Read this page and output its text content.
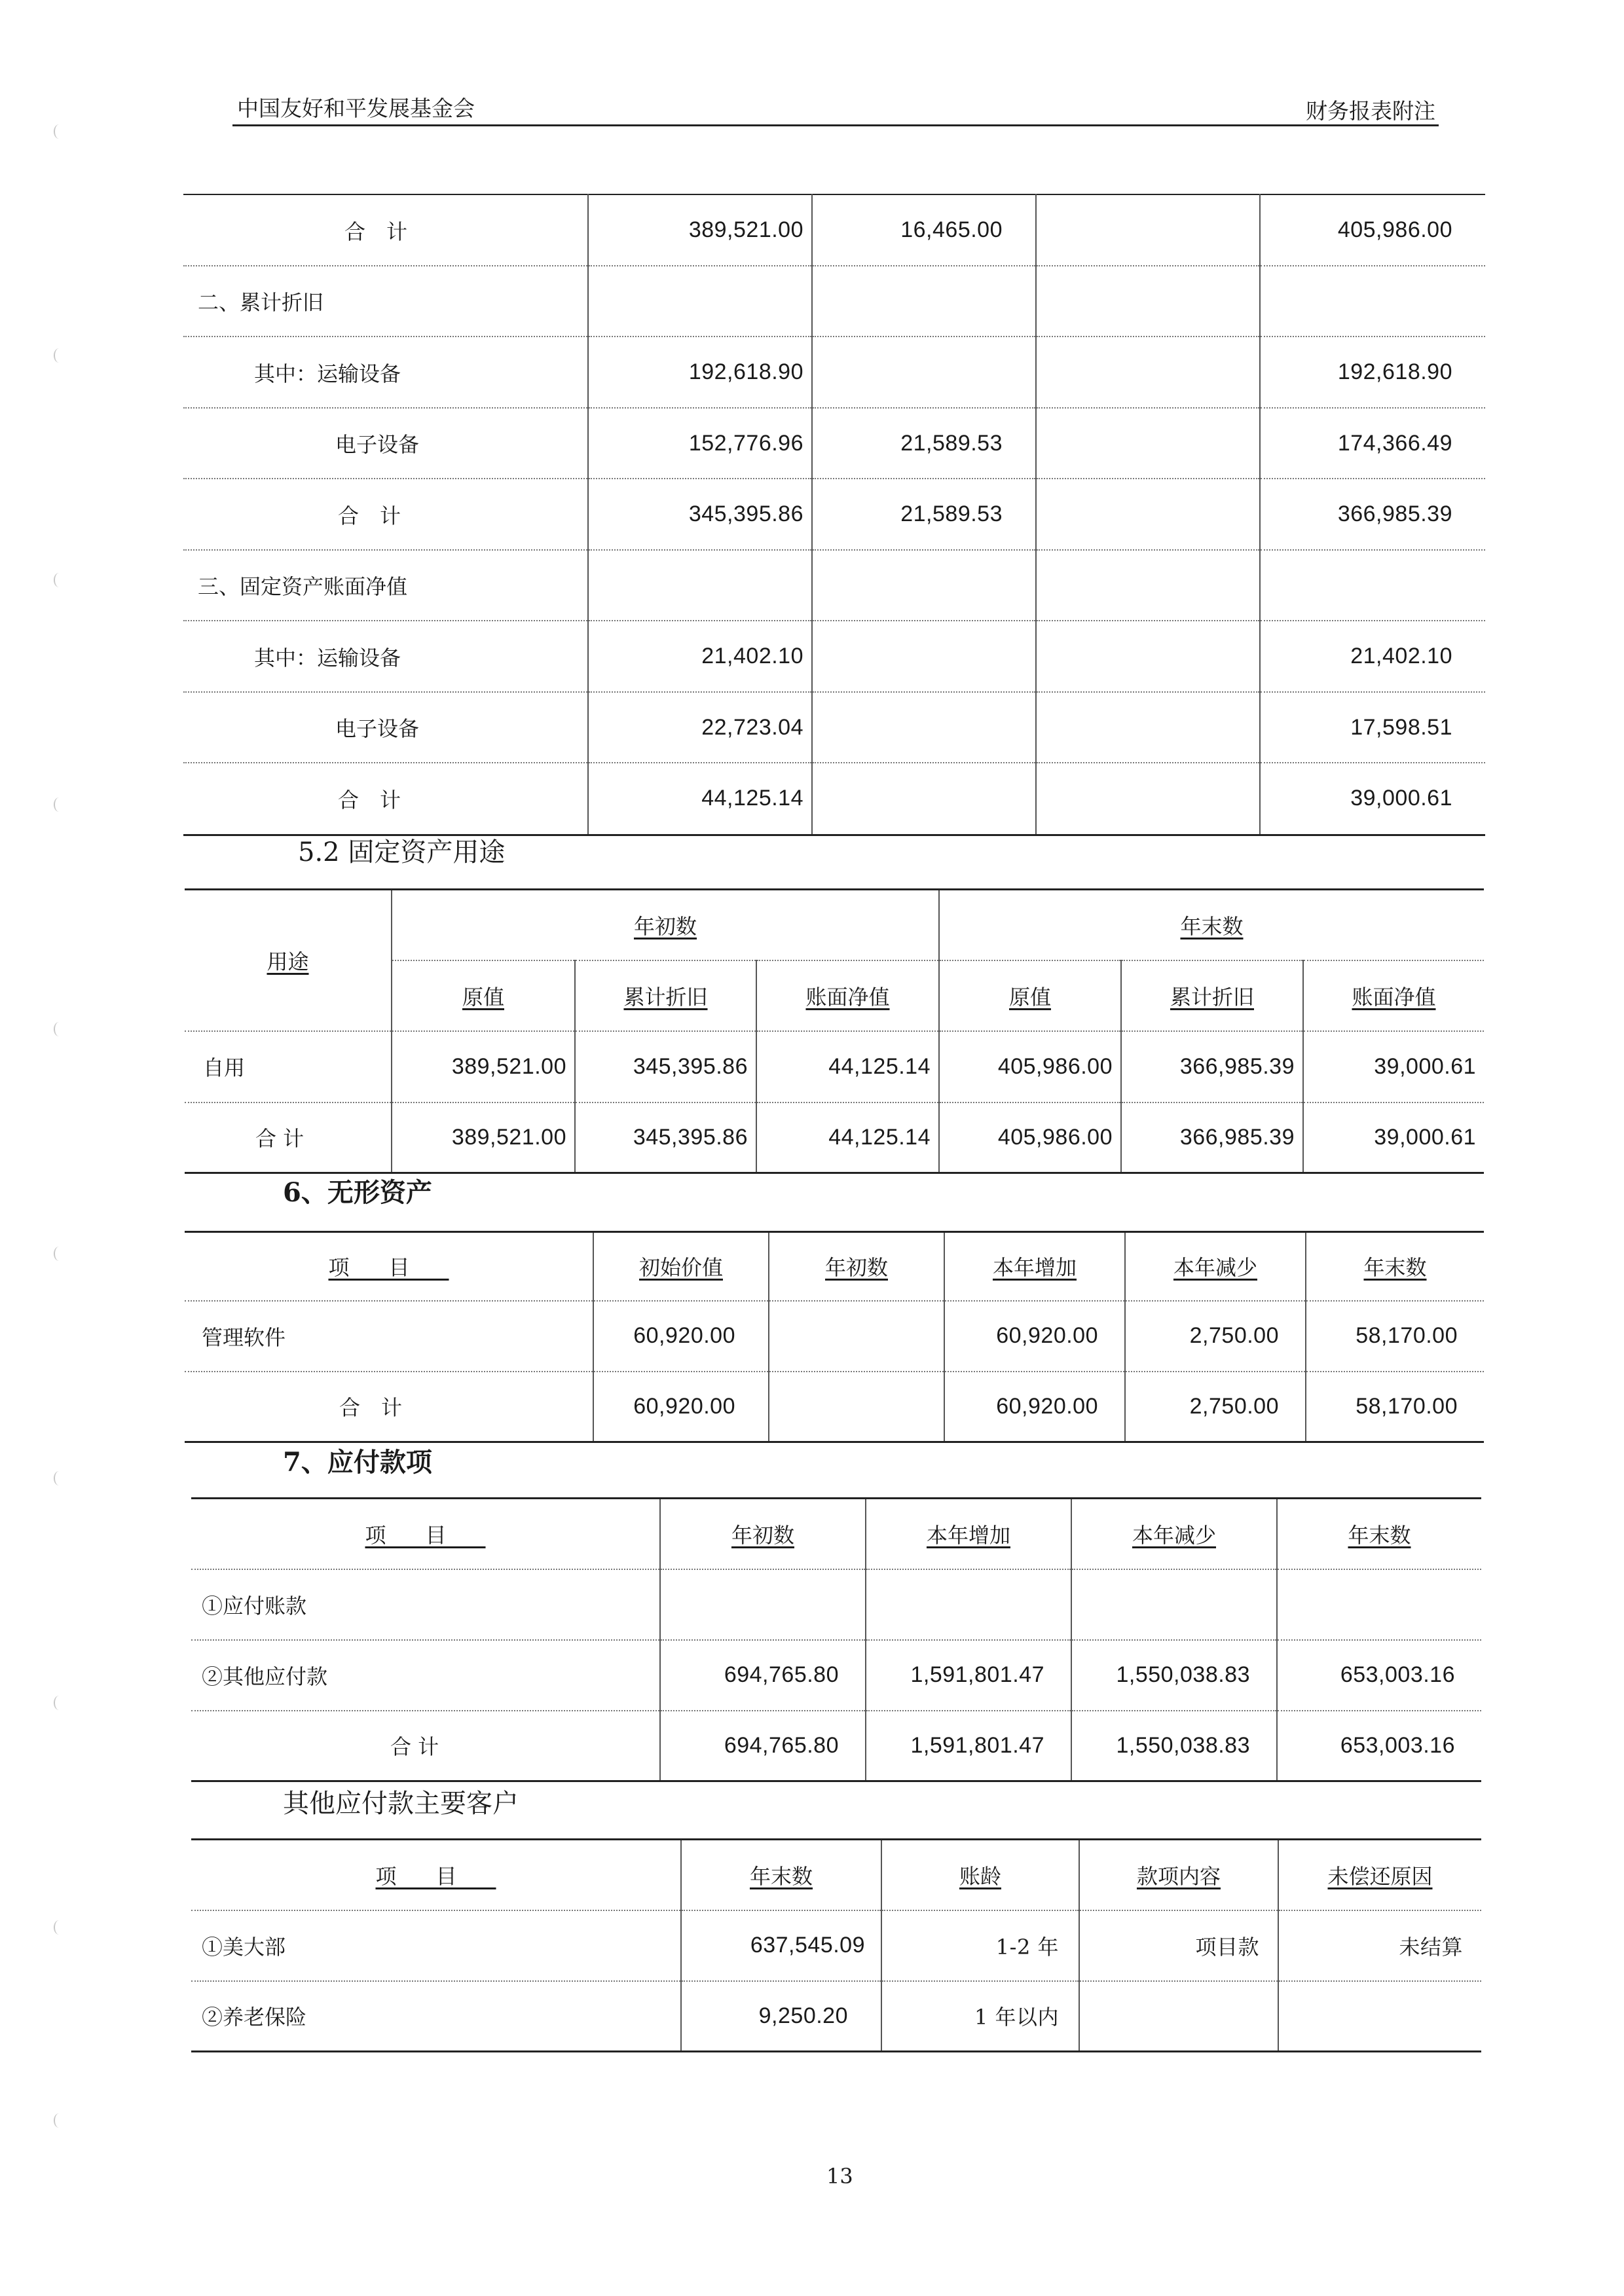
中国友好和平发展基金会	财务报表附注
合　计	389,521.00	16,465.00		405,986.00
二、累计折旧				
其中：运输设备	192,618.90			192,618.90
电子设备	152,776.96	21,589.53		174,366.49
合　计	345,395.86	21,589.53		366,985.39
三、固定资产账面净值				
其中：运输设备	21,402.10			21,402.10
电子设备	22,723.04			17,598.51
合　计	44,125.14			39,000.61
5.2 固定资产用途
用途	年初数			年末数		
	原值	累计折旧	账面净值	原值	累计折旧	账面净值
自用	389,521.00	345,395.86	44,125.14	405,986.00	366,985.39	39,000.61
合 计	389,521.00	345,395.86	44,125.14	405,986.00	366,985.39	39,000.61
6、无形资产
项目	初始价值	年初数	本年增加	本年减少	年末数
管理软件	60,920.00		60,920.00	2,750.00	58,170.00
合　计	60,920.00		60,920.00	2,750.00	58,170.00
7、应付款项
项目	年初数	本年增加	本年减少	年末数
①应付账款				
②其他应付款	694,765.80	1,591,801.47	1,550,038.83	653,003.16
合 计	694,765.80	1,591,801.47	1,550,038.83	653,003.16
其他应付款主要客户
项目	年末数	账龄	款项内容	未偿还原因
①美大部	637,545.09	1-2 年	项目款	未结算
②养老保险	9,250.20	1 年以内		
13
